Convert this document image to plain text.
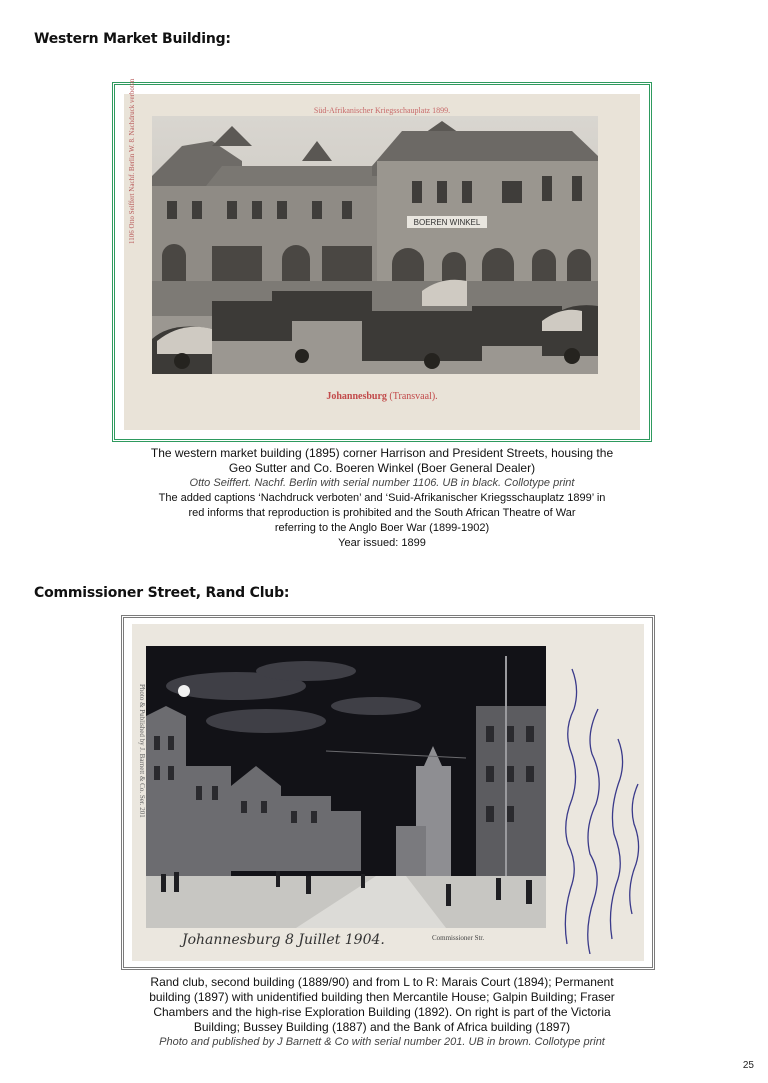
Western Market Building:
Süd-Afrikanischer Kriegsschauplatz 1899.
1106 Otto Seiffert Nachf. Berlin W. 8. Nachdruck verboten	BOEREN WINKEL
Johannesburg (Transvaal).
The western market building (1895) corner Harrison and President Streets, housing the
Geo Sutter and Co. Boeren Winkel (Boer General Dealer)
Otto Seiffert. Nachf. Berlin with serial number 1106. UB in black. Collotype print
The added captions ‘Nachdruck verboten’ and ‘Suid-Afrikanischer Kriegsschauplatz 1899’ in
red informs that reproduction is prohibited and the South African Theatre of War
referring to the Anglo Boer War (1899-1902)
Year issued: 1899
Commissioner Street, Rand Club:
Photo & Published by J. Barnett & Co. Ser. 201
Johannesburg 8 Juillet 1904.	Commissioner Str.
Rand club, second building (1889/90) and from L to R: Marais Court (1894); Permanent
building (1897) with unidentified building then Mercantile House; Galpin Building; Fraser
Chambers and the high-rise Exploration Building (1892). On right is part of the Victoria
Building; Bussey Building (1887) and the Bank of Africa building (1897)
Photo and published by J Barnett & Co with serial number 201. UB in brown. Collotype print
25
